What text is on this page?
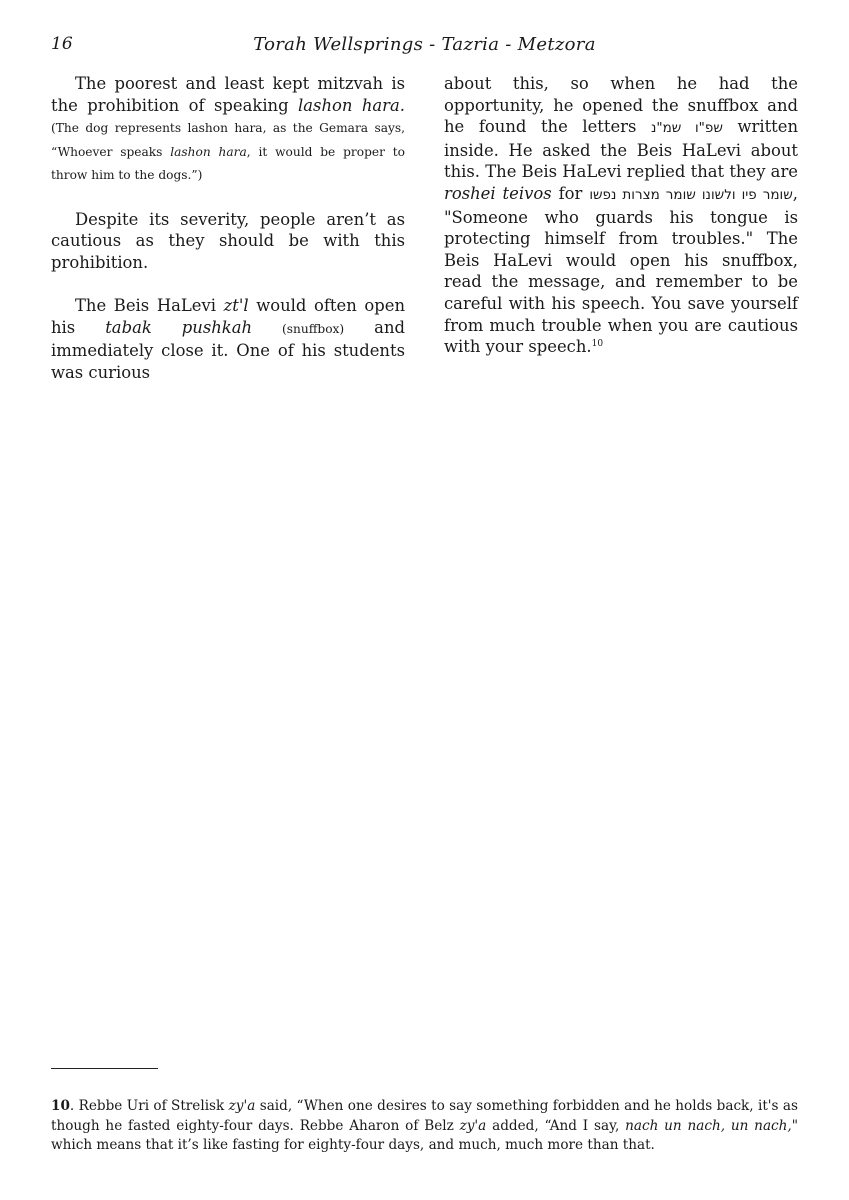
16	Torah Wellsprings - Tazria - Metzora

The poorest and least kept mitzvah is the prohibition of speaking lashon hara. (The dog represents lashon hara, as the Gemara says, “Whoever speaks lashon hara, it would be proper to throw him to the dogs.”)

Despite its severity, people aren’t as cautious as they should be with this prohibition.

The Beis HaLevi zt'l would often open his tabak pushkah (snuffbox) and immediately close it. One of his students was curious

about this, so when he had the opportunity, he opened the snuffbox and he found the letters שפ"ו שמ"נ written inside. He asked the Beis HaLevi about this. The Beis HaLevi replied that they are roshei teivos for שומר פיו ולשונו שומר מצרות נפשו, "Someone who guards his tongue is protecting himself from troubles." The Beis HaLevi would open his snuffbox, read the message, and remember to be careful with his speech. You save yourself from much trouble when you are cautious with your speech.$^{10}$

10. Rebbe Uri of Strelisk zy'a said, “When one desires to say something forbidden and he holds back, it's as though he fasted eighty-four days. Rebbe Aharon of Belz zy'a added, “And I say, nach un nach, un nach," which means that it’s like fasting for eighty-four days, and much, much more than that.
